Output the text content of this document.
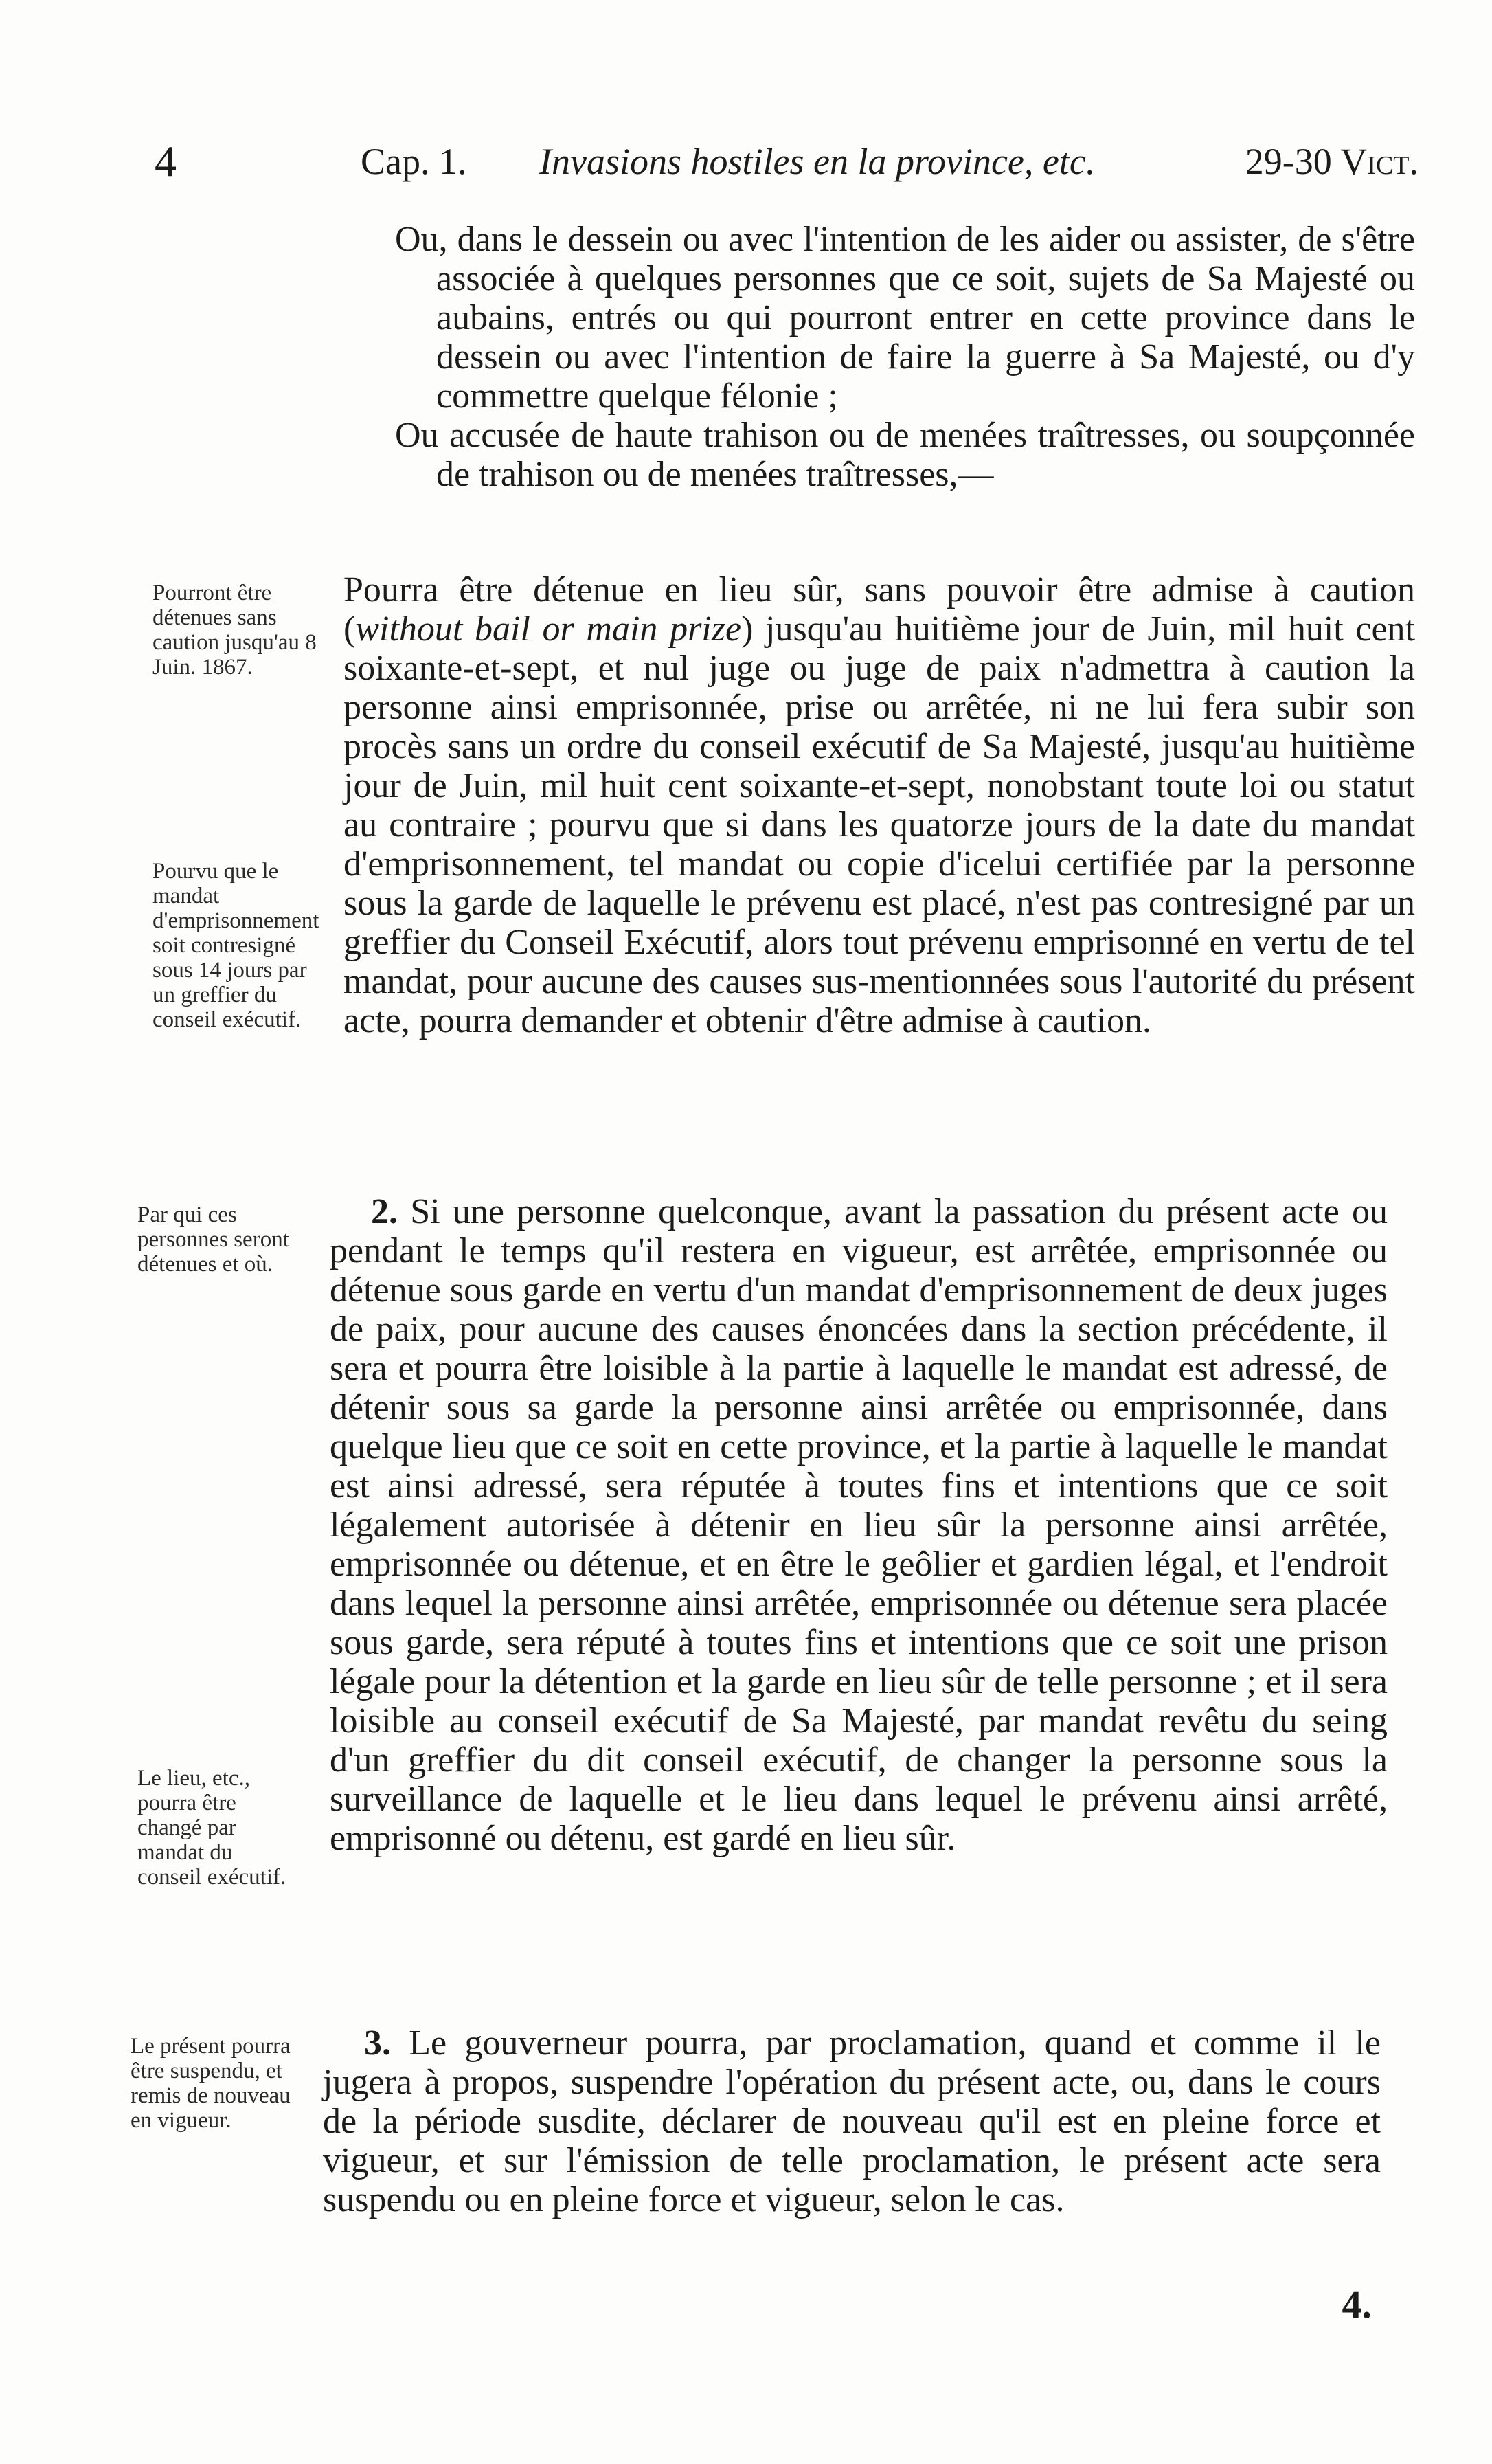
4	Cap. 1. Invasions hostiles en la province, etc.	29-30 Vict.

Ou, dans le dessein ou avec l'intention de les aider ou assister, de s'être associée à quelques personnes que ce soit, sujets de Sa Majesté ou aubains, entrés ou qui pourront entrer en cette province dans le dessein ou avec l'intention de faire la guerre à Sa Majesté, ou d'y commettre quelque félonie ;

Ou accusée de haute trahison ou de menées traîtresses, ou soupçonnée de trahison ou de menées traîtresses,—

Pourra être détenue en lieu sûr, sans pouvoir être admise à caution (without bail or main prize) jusqu'au huitième jour de Juin, mil huit cent soixante-et-sept, et nul juge ou juge de paix n'admettra à caution la personne ainsi emprisonnée, prise ou arrêtée, ni ne lui fera subir son procès sans un ordre du conseil exécutif de Sa Majesté, jusqu'au huitième jour de Juin, mil huit cent soixante-et-sept, nonobstant toute loi ou statut au contraire ; pourvu que si dans les quatorze jours de la date du mandat d'emprisonnement, tel mandat ou copie d'icelui certifiée par la personne sous la garde de laquelle le prévenu est placé, n'est pas contresigné par un greffier du Conseil Exécutif, alors tout prévenu emprisonné en vertu de tel mandat, pour aucune des causes sus-mentionnées sous l'autorité du présent acte, pourra demander et obtenir d'être admise à caution.

2. Si une personne quelconque, avant la passation du présent acte ou pendant le temps qu'il restera en vigueur, est arrêtée, emprisonnée ou détenue sous garde en vertu d'un mandat d'emprisonnement de deux juges de paix, pour aucune des causes énoncées dans la section précédente, il sera et pourra être loisible à la partie à laquelle le mandat est adressé, de détenir sous sa garde la personne ainsi arrêtée ou emprisonnée, dans quelque lieu que ce soit en cette province, et la partie à laquelle le mandat est ainsi adressé, sera réputée à toutes fins et intentions que ce soit légalement autorisée à détenir en lieu sûr la personne ainsi arrêtée, emprisonnée ou détenue, et en être le geôlier et gardien légal, et l'endroit dans lequel la personne ainsi arrêtée, emprisonnée ou détenue sera placée sous garde, sera réputé à toutes fins et intentions que ce soit une prison légale pour la détention et la garde en lieu sûr de telle personne ; et il sera loisible au conseil exécutif de Sa Majesté, par mandat revêtu du seing d'un greffier du dit conseil exécutif, de changer la personne sous la surveillance de laquelle et le lieu dans lequel le prévenu ainsi arrêté, emprisonné ou détenu, est gardé en lieu sûr.

3. Le gouverneur pourra, par proclamation, quand et comme il le jugera à propos, suspendre l'opération du présent acte, ou, dans le cours de la période susdite, déclarer de nouveau qu'il est en pleine force et vigueur, et sur l'émission de telle proclamation, le présent acte sera suspendu ou en pleine force et vigueur, selon le cas.

Pourront être détenues sans caution jusqu'au 8 Juin. 1867.
Pourvu que le mandat d'emprisonnement soit contresigné sous 14 jours par un greffier du conseil exécutif.
Par qui ces personnes seront détenues et où.
Le lieu, etc., pourra être changé par mandat du conseil exécutif.
Le présent pourra être suspendu, et remis de nouveau en vigueur.
4.
